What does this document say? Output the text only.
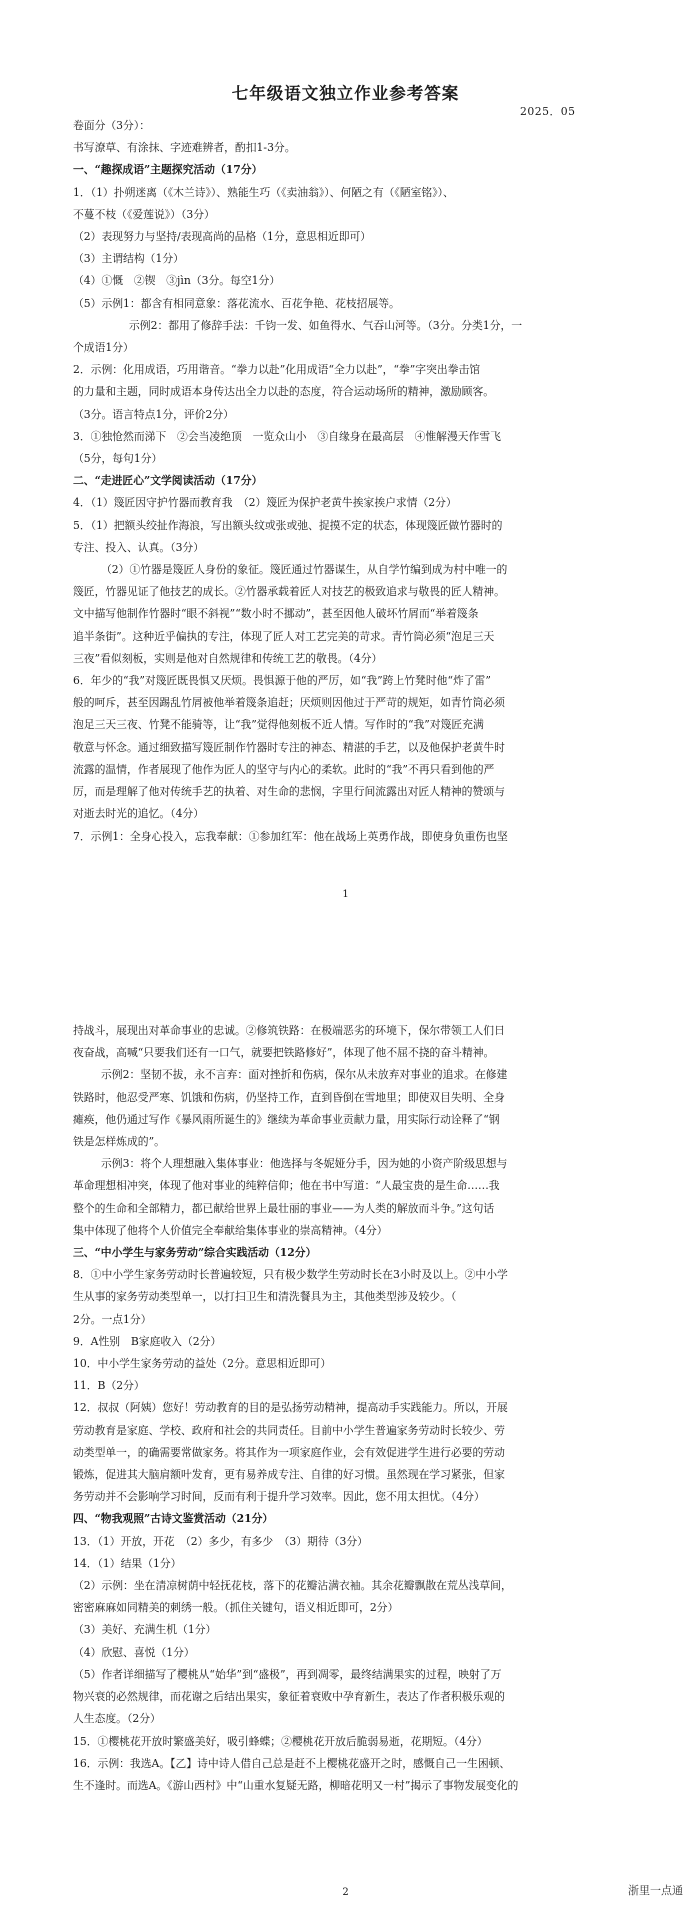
七年级语文独立作业参考答案
2025．05
卷面分（3分）：
书写潦草、有涂抹、字迹难辨者，酌扣1-3分。
一、“趣探成语”主题探究活动（17分）
1．（1）扑朔迷离（《木兰诗》）、熟能生巧（《卖油翁》）、何陋之有（《陋室铭》）、
不蔓不枝（《爱莲说》）（3分）
（2）表现努力与坚持/表现高尚的品格（1分，意思相近即可）
（3）主谓结构（1分）
（4）①慨　②锲　③jìn（3分。每空1分）
（5）示例1：都含有相同意象：落花流水、百花争艳、花枝招展等。
示例2：都用了修辞手法：千钧一发、如鱼得水、气吞山河等。（3分。分类1分，一
个成语1分）
2．示例：化用成语，巧用谐音。“拳力以赴”化用成语“全力以赴”，“拳”字突出拳击馆
的力量和主题，同时成语本身传达出全力以赴的态度，符合运动场所的精神，激励顾客。
（3分。语言特点1分，评价2分）
3．①独怆然而涕下　②会当凌绝顶　一览众山小　③自缘身在最高层　④惟解漫天作雪飞
（5分，每句1分）
二、“走进匠心”文学阅读活动（17分）
4．（1）篾匠因守护竹器而教育我　（2）篾匠为保护老黄牛挨家挨户求情（2分）
5．（1）把额头绞扯作海浪，写出额头纹或张或弛、捉摸不定的状态，体现篾匠做竹器时的
专注、投入、认真。（3分）
（2）①竹器是篾匠人身份的象征。篾匠通过竹器谋生，从自学竹编到成为村中唯一的
篾匠，竹器见证了他技艺的成长。②竹器承载着匠人对技艺的极致追求与敬畏的匠人精神。
文中描写他制作竹器时“眼不斜视”“数小时不挪动”，甚至因他人破坏竹屑而“举着篾条
追半条街”。这种近乎偏执的专注，体现了匠人对工艺完美的苛求。青竹筒必须“泡足三天
三夜”看似刻板，实则是他对自然规律和传统工艺的敬畏。（4分）
6．年少的“我”对篾匠既畏惧又厌烦。畏惧源于他的严厉，如“我”跨上竹凳时他“炸了雷”
般的呵斥，甚至因踢乱竹屑被他举着篾条追赶；厌烦则因他过于严苛的规矩，如青竹筒必须
泡足三天三夜、竹凳不能骑等，让“我”觉得他刻板不近人情。写作时的“我”对篾匠充满
敬意与怀念。通过细致描写篾匠制作竹器时专注的神态、精湛的手艺，以及他保护老黄牛时
流露的温情，作者展现了他作为匠人的坚守与内心的柔软。此时的“我”不再只看到他的严
厉，而是理解了他对传统手艺的执着、对生命的悲悯，字里行间流露出对匠人精神的赞颂与
对逝去时光的追忆。（4分）
7．示例1：全身心投入，忘我奉献：①参加红军：他在战场上英勇作战，即使身负重伤也坚
1
持战斗，展现出对革命事业的忠诚。②修筑铁路：在极端恶劣的环境下，保尔带领工人们日
夜奋战，高喊“只要我们还有一口气，就要把铁路修好”，体现了他不屈不挠的奋斗精神。
示例2：坚韧不拔，永不言弃：面对挫折和伤病，保尔从未放弃对事业的追求。在修建
铁路时，他忍受严寒、饥饿和伤病，仍坚持工作，直到昏倒在雪地里；即使双目失明、全身
瘫痪，他仍通过写作《暴风雨所诞生的》继续为革命事业贡献力量，用实际行动诠释了“钢
铁是怎样炼成的”。
示例3：将个人理想融入集体事业：他选择与冬妮娅分手，因为她的小资产阶级思想与
革命理想相冲突，体现了他对事业的纯粹信仰；他在书中写道：“人最宝贵的是生命……我
整个的生命和全部精力，都已献给世界上最壮丽的事业——为人类的解放而斗争。”这句话
集中体现了他将个人价值完全奉献给集体事业的崇高精神。（4分）
三、“中小学生与家务劳动”综合实践活动（12分）
8．①中小学生家务劳动时长普遍较短，只有极少数学生劳动时长在3小时及以上。②中小学
生从事的家务劳动类型单一，以打扫卫生和清洗餐具为主，其他类型涉及较少。（
2分。一点1分）
9．A性别　B家庭收入（2分）
10．中小学生家务劳动的益处（2分。意思相近即可）
11．B（2分）
12．叔叔（阿姨）您好！劳动教育的目的是弘扬劳动精神，提高动手实践能力。所以，开展
劳动教育是家庭、学校、政府和社会的共同责任。目前中小学生普遍家务劳动时长较少、劳
动类型单一，的确需要常做家务。将其作为一项家庭作业，会有效促进学生进行必要的劳动
锻炼，促进其大脑肩额叶发育，更有易养成专注、自律的好习惯。虽然现在学习紧张，但家
务劳动并不会影响学习时间，反而有利于提升学习效率。因此，您不用太担忧。（4分）
四、“物我观照”古诗文鉴赏活动（21分）
13．（1）开放，开花　（2）多少，有多少　（3）期待（3分）
14．（1）结果（1分）
（2）示例：坐在清凉树荫中轻抚花枝，落下的花瓣沾满衣袖。其余花瓣飘散在荒丛浅草间，
密密麻麻如同精美的刺绣一般。（抓住关键句，语义相近即可，2分）
（3）美好、充满生机（1分）
（4）欣慰、喜悦（1分）
（5）作者详细描写了樱桃从“始华”到“盛极”，再到凋零，最终结满果实的过程，映射了万
物兴衰的必然规律，而花谢之后结出果实，象征着衰败中孕育新生，表达了作者积极乐观的
人生态度。（2分）
15．①樱桃花开放时繁盛美好，吸引蜂蝶；②樱桃花开放后脆弱易逝，花期短。（4分）
16．示例：我选A。【乙】诗中诗人借自己总是赶不上樱桃花盛开之时，感慨自己一生困顿、
生不逢时。而选A。《游山西村》中“山重水复疑无路，柳暗花明又一村”揭示了事物发展变化的
2	浙里一点通
